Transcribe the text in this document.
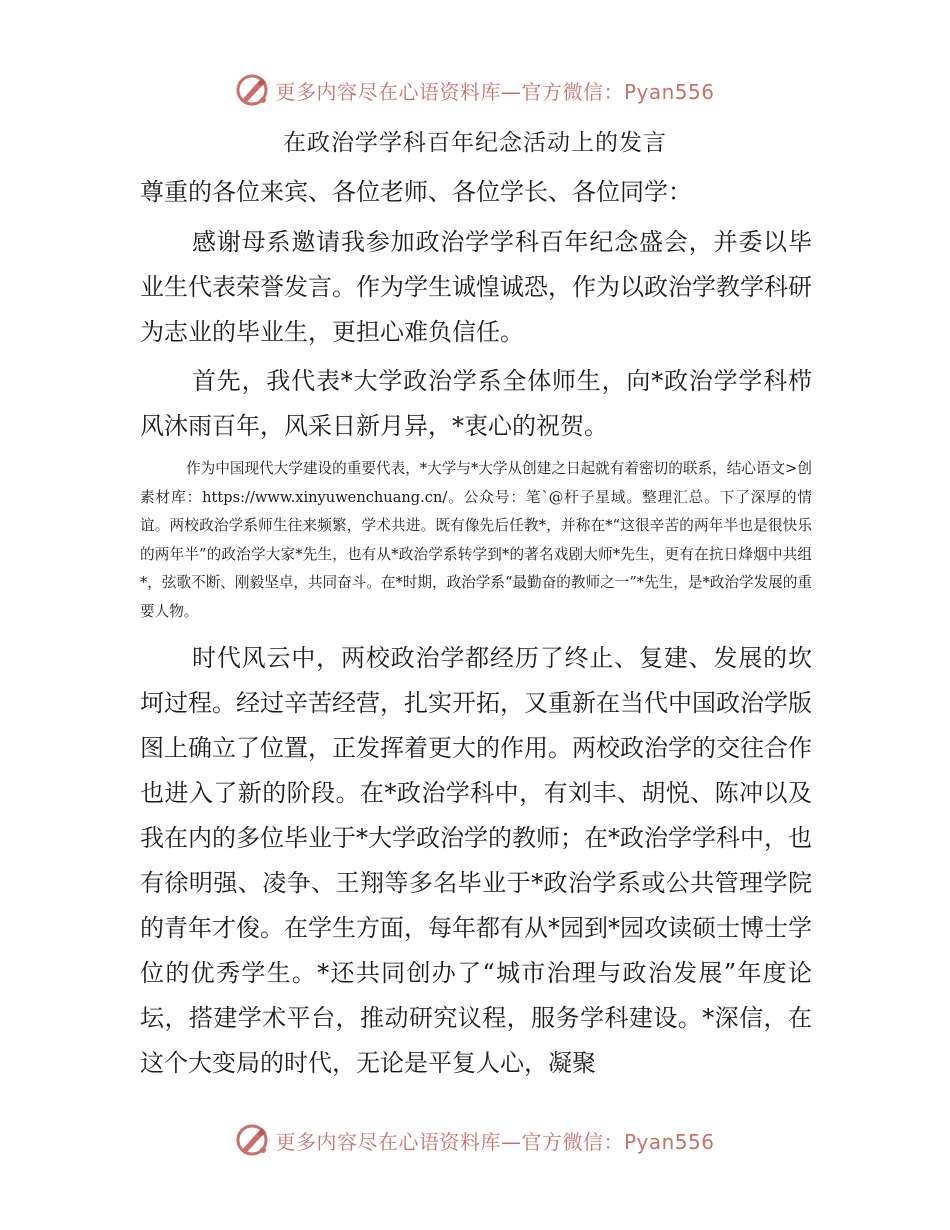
更多内容尽在心语资料库—官方微信：Pyan556
在政治学学科百年纪念活动上的发言
尊重的各位来宾、各位老师、各位学长、各位同学：
感谢母系邀请我参加政治学学科百年纪念盛会，并委以毕业生代表荣誉发言。作为学生诚惶诚恐，作为以政治学教学科研为志业的毕业生，更担心难负信任。
首先，我代表*大学政治学系全体师生，向*政治学学科栉风沐雨百年，风采日新月异，*衷心的祝贺。
作为中国现代大学建设的重要代表，*大学与*大学从创建之日起就有着密切的联系，结心语文>创素材库：https://www.xinyuwenchuang.cn/。公众号：笔`@杆子星域。整理汇总。下了深厚的情谊。两校政治学系师生往来频繁，学术共进。既有像先后任教*，并称在*“这很辛苦的两年半也是很快乐的两年半”的政治学大家*先生，也有从*政治学系转学到*的著名戏剧大师*先生，更有在抗日烽烟中共组*，弦歌不断、刚毅坚卓，共同奋斗。在*时期，政治学系“最勤奋的教师之一”*先生，是*政治学发展的重要人物。
时代风云中，两校政治学都经历了终止、复建、发展的坎坷过程。经过辛苦经营，扎实开拓，又重新在当代中国政治学版图上确立了位置，正发挥着更大的作用。两校政治学的交往合作也进入了新的阶段。在*政治学科中，有刘丰、胡悦、陈冲以及我在内的多位毕业于*大学政治学的教师；在*政治学学科中，也有徐明强、凌争、王翔等多名毕业于*政治学系或公共管理学院的青年才俊。在学生方面，每年都有从*园到*园攻读硕士博士学位的优秀学生。*还共同创办了“城市治理与政治发展”年度论坛，搭建学术平台，推动研究议程，服务学科建设。*深信，在这个大变局的时代，无论是平复人心，凝聚
更多内容尽在心语资料库—官方微信：Pyan556
